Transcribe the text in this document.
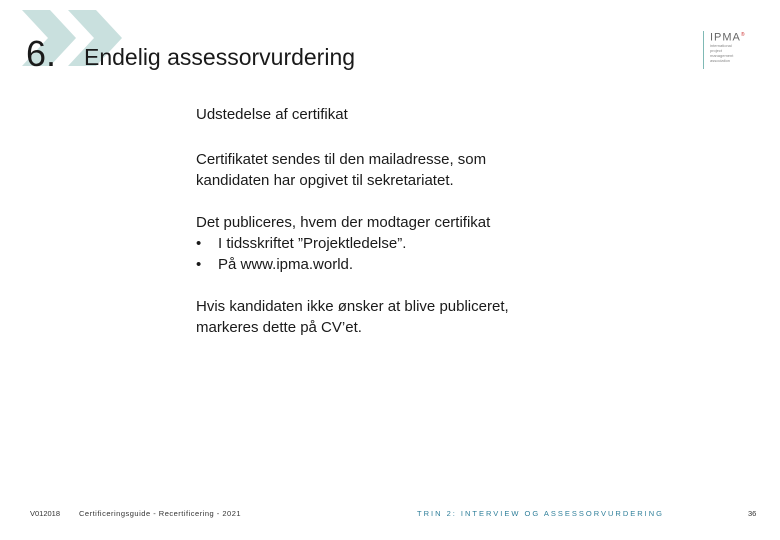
6. Endelig assessorvurdering
IPMA®
international
project
management
association
Udstedelse af certifikat
Certifikatet sendes til den mailadresse, som
kandidaten har opgivet til sekretariatet.
Det publiceres, hvem der modtager certifikat
•	I tidsskriftet ”Projektledelse”.
•	På www.ipma.world.
Hvis kandidaten ikke ønsker at blive publiceret,
markeres dette på CV’et.
V012018	Certificeringsguide - Recertificering - 2021	TRIN 2: INTERVIEW OG ASSESSORVURDERING	36
